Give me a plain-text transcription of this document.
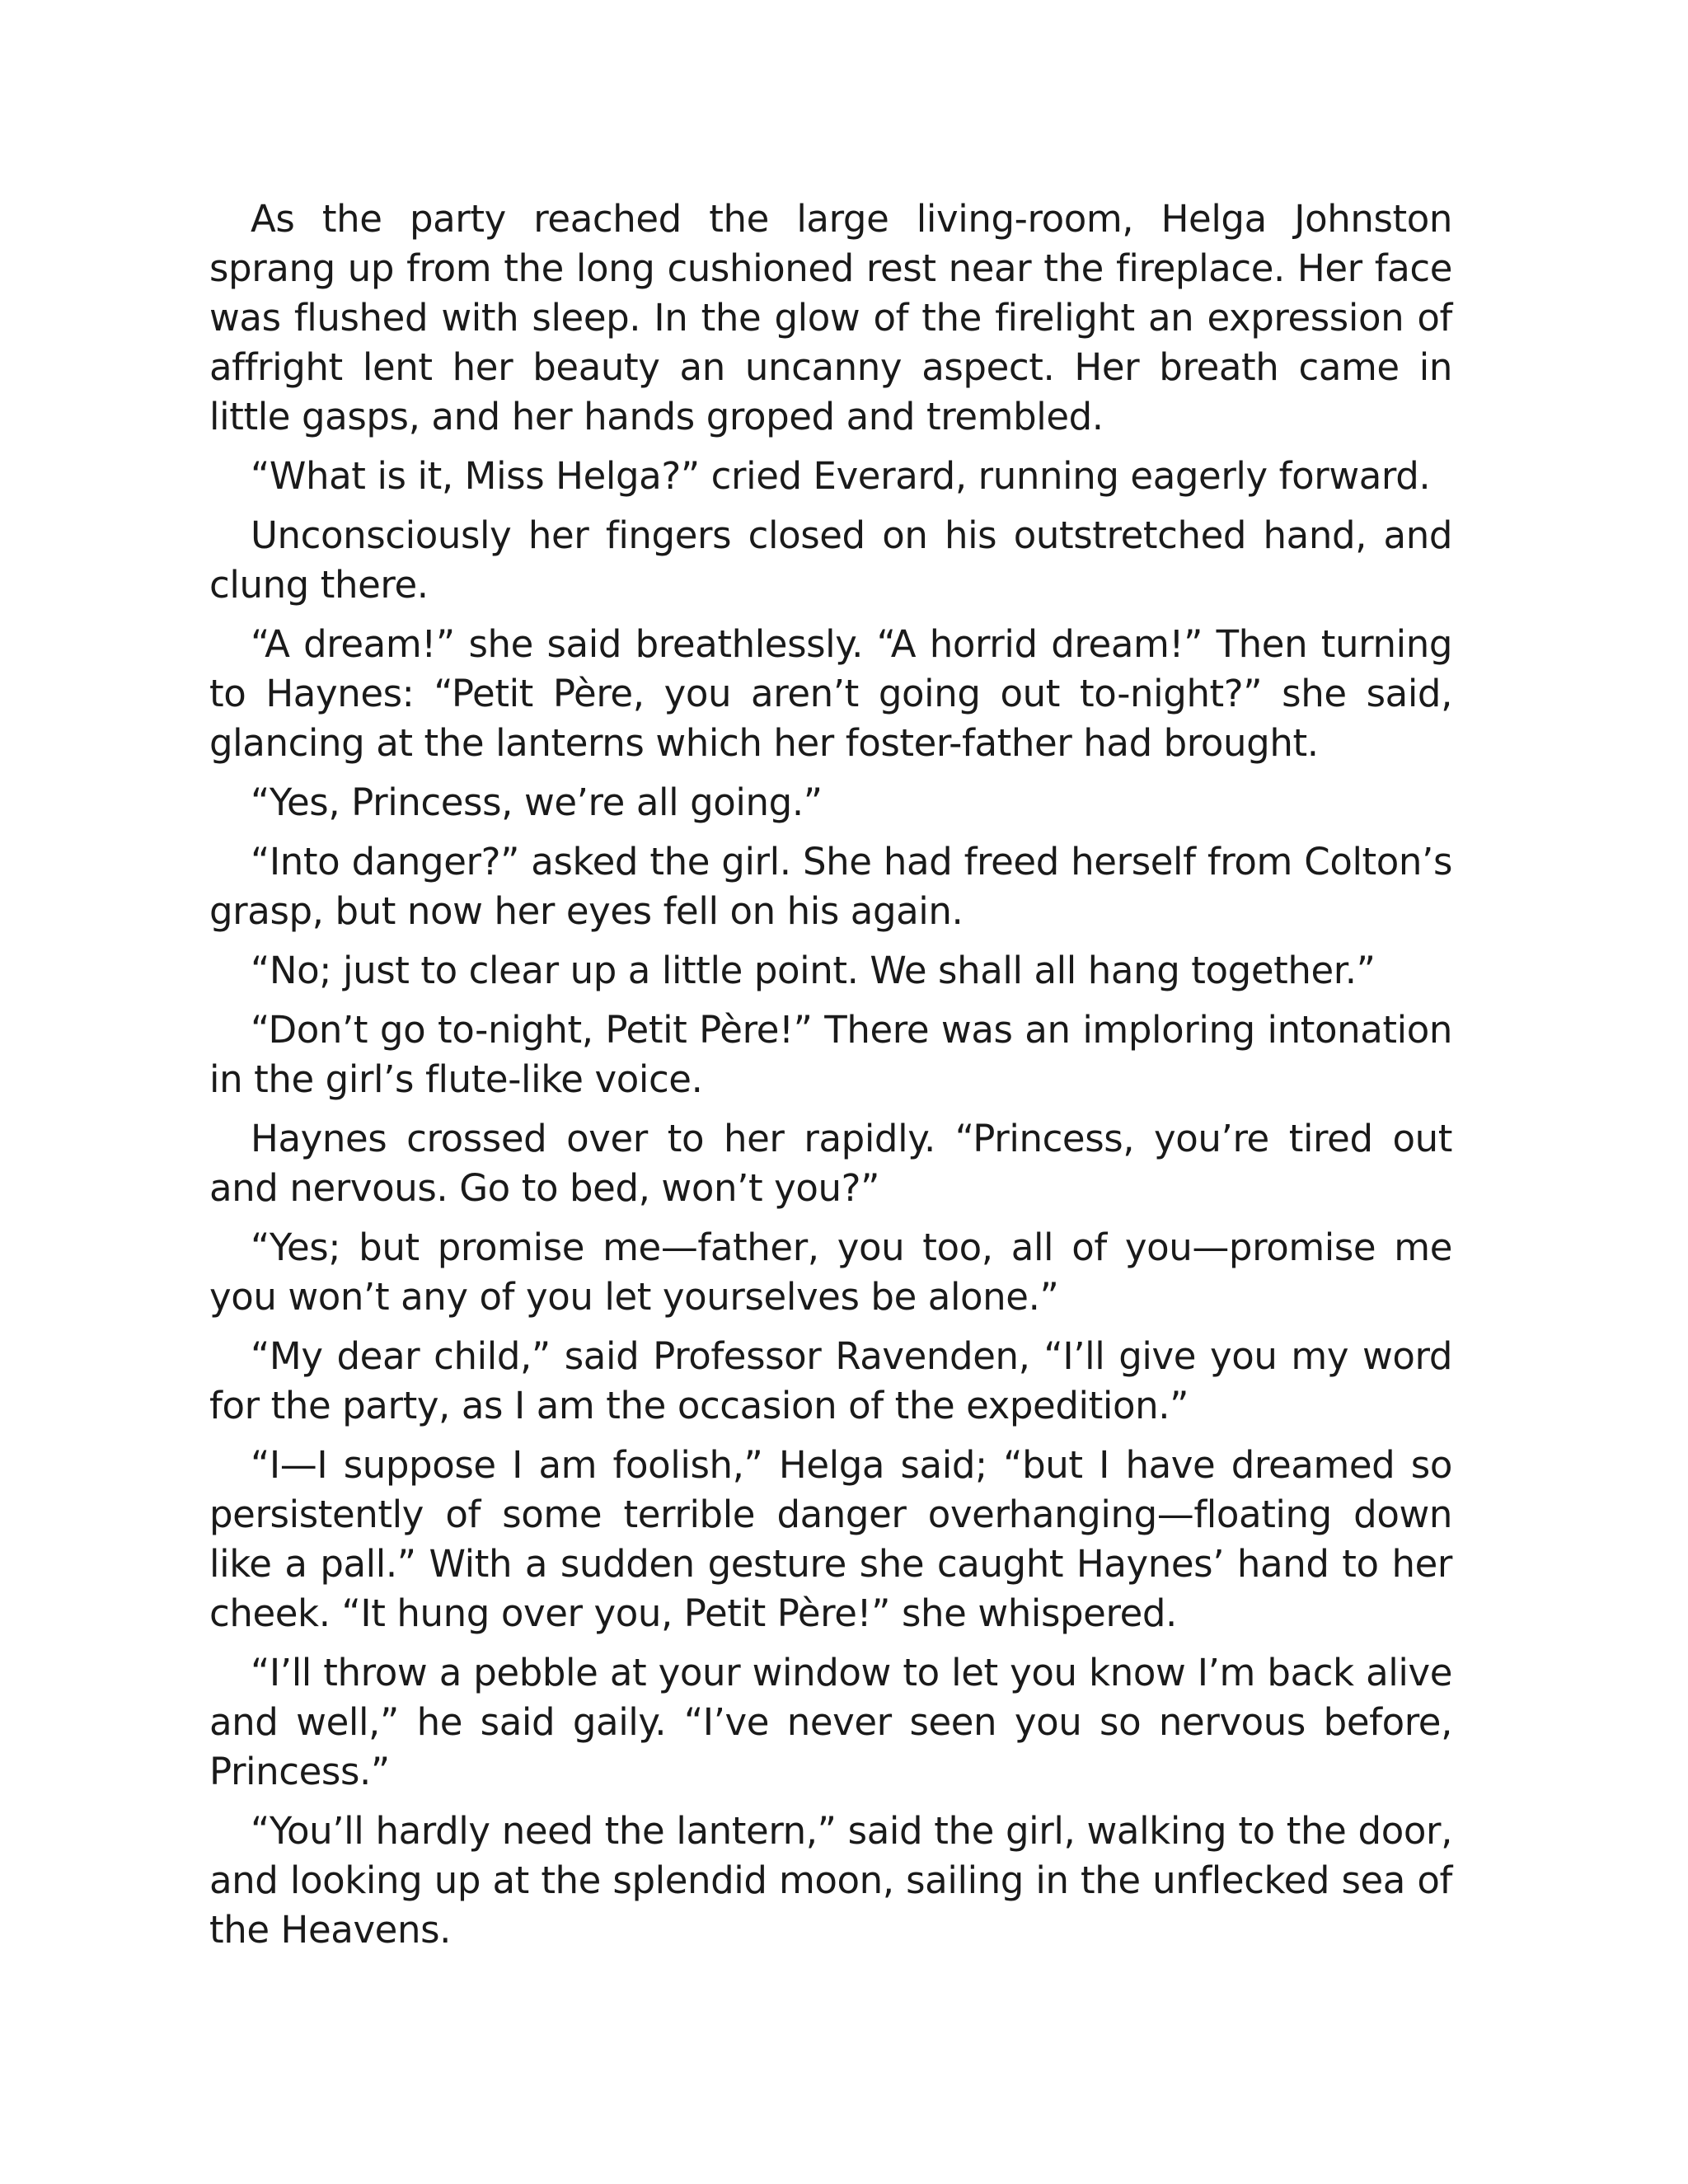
As the party reached the large living-room, Helga Johnston sprang up from the long cushioned rest near the fireplace. Her face was flushed with sleep. In the glow of the firelight an expression of affright lent her beauty an uncanny aspect. Her breath came in little gasps, and her hands groped and trembled.

“What is it, Miss Helga?” cried Everard, running eagerly forward.

Unconsciously her fingers closed on his outstretched hand, and clung there.

“A dream!” she said breathlessly. “A horrid dream!” Then turning to Haynes: “Petit Père, you aren’t going out to-night?” she said, glancing at the lanterns which her foster-father had brought.

“Yes, Princess, we’re all going.”

“Into danger?” asked the girl. She had freed herself from Colton’s grasp, but now her eyes fell on his again.

“No; just to clear up a little point. We shall all hang together.”

“Don’t go to-night, Petit Père!” There was an imploring intonation in the girl’s flute-like voice.

Haynes crossed over to her rapidly. “Princess, you’re tired out and nervous. Go to bed, won’t you?”

“Yes; but promise me—father, you too, all of you—promise me you won’t any of you let yourselves be alone.”

“My dear child,” said Professor Ravenden, “I’ll give you my word for the party, as I am the occasion of the expedition.”

“I—I suppose I am foolish,” Helga said; “but I have dreamed so persistently of some terrible danger overhanging—floating down like a pall.” With a sudden gesture she caught Haynes’ hand to her cheek. “It hung over you, Petit Père!” she whispered.

“I’ll throw a pebble at your window to let you know I’m back alive and well,” he said gaily. “I’ve never seen you so nervous before, Princess.”

“You’ll hardly need the lantern,” said the girl, walking to the door, and looking up at the splendid moon, sailing in the unflecked sea of the Heavens.
